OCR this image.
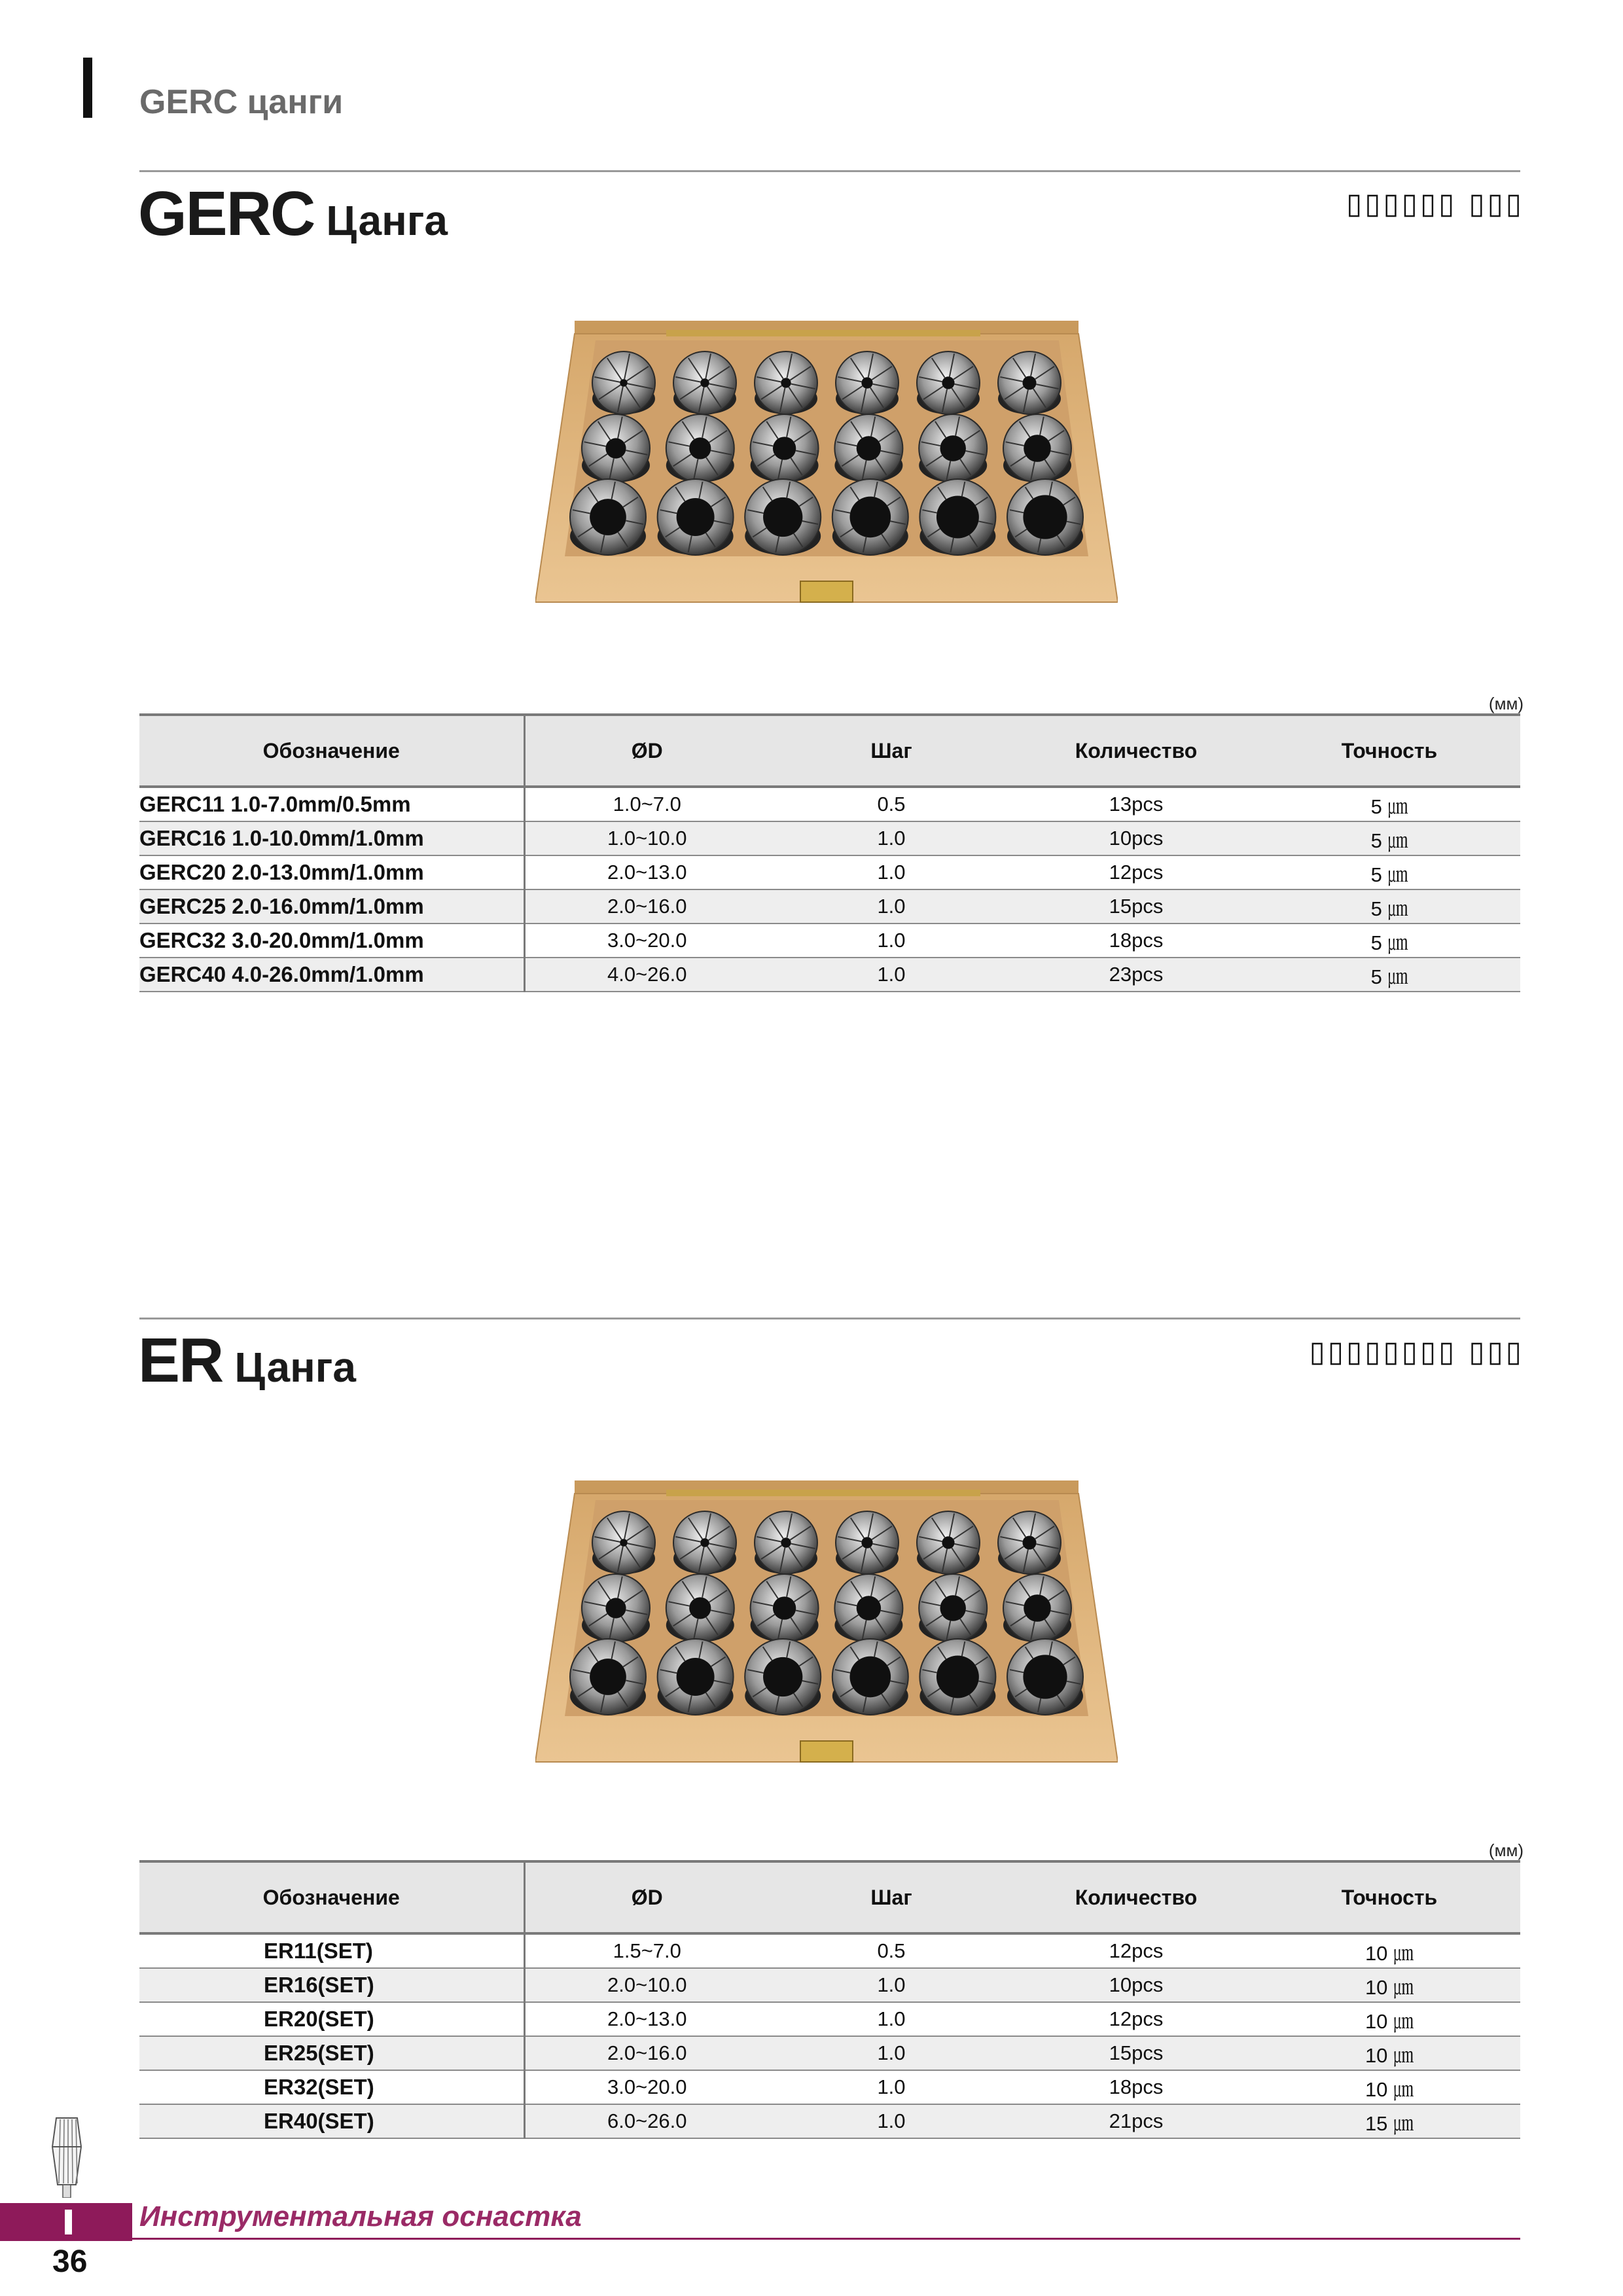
GERC цанги
GERC Цанга	▯▯▯▯▯▯ ▯▯▯
(мм)
Обозначение	ØD	Шаг	Количество	Точность
GERC11 1.0-7.0mm/0.5mm	1.0~7.0	0.5	13pcs	5 ㎛
GERC16 1.0-10.0mm/1.0mm	1.0~10.0	1.0	10pcs	5 ㎛
GERC20 2.0-13.0mm/1.0mm	2.0~13.0	1.0	12pcs	5 ㎛
GERC25 2.0-16.0mm/1.0mm	2.0~16.0	1.0	15pcs	5 ㎛
GERC32 3.0-20.0mm/1.0mm	3.0~20.0	1.0	18pcs	5 ㎛
GERC40 4.0-26.0mm/1.0mm	4.0~26.0	1.0	23pcs	5 ㎛
ER Цанга	▯▯▯▯▯▯▯▯ ▯▯▯
(мм)
Обозначение	ØD	Шаг	Количество	Точность
ER11(SET)	1.5~7.0	0.5	12pcs	10 ㎛
ER16(SET)	2.0~10.0	1.0	10pcs	10 ㎛
ER20(SET)	2.0~13.0	1.0	12pcs	10 ㎛
ER25(SET)	2.0~16.0	1.0	15pcs	10 ㎛
ER32(SET)	3.0~20.0	1.0	18pcs	10 ㎛
ER40(SET)	6.0~26.0	1.0	21pcs	15 ㎛
Инструментальная оснастка
36
